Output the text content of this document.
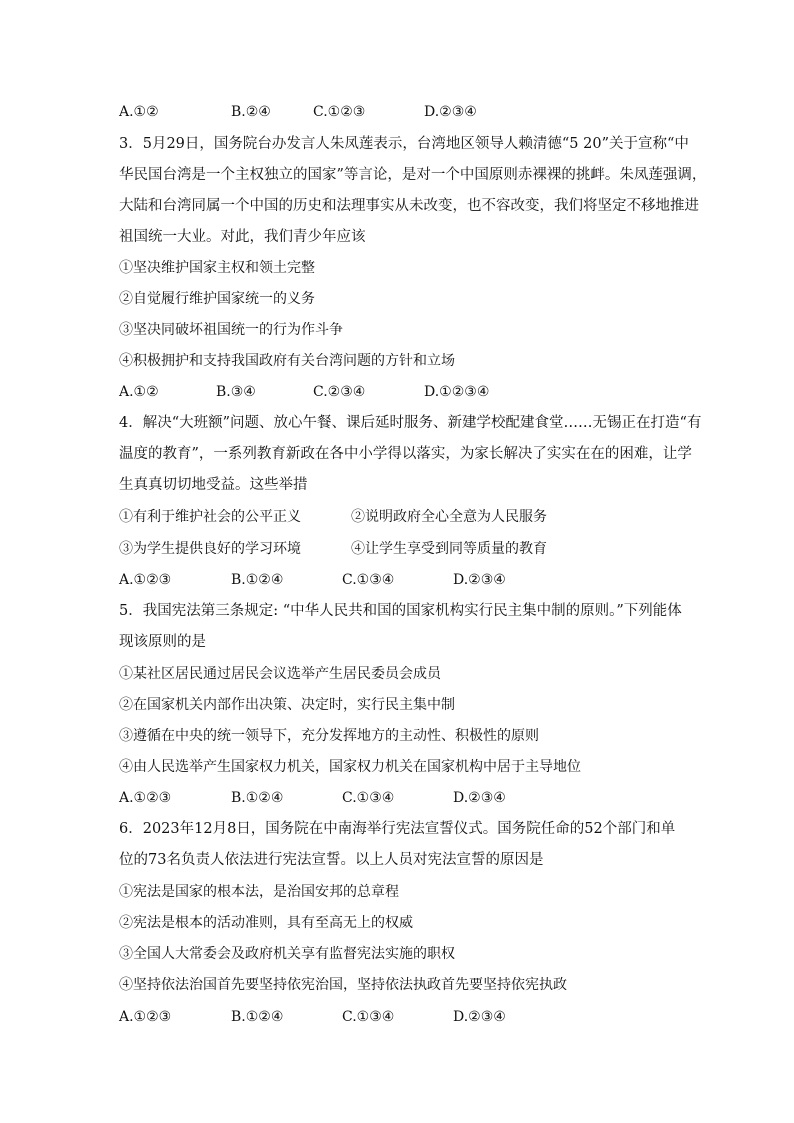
A.①②	B.②④	C.①②③	D.②③④
3．5月29日，国务院台办发言人朱凤莲表示，台湾地区领导人赖清德“5 20”关于宣称“中
华民国台湾是一个主权独立的国家”等言论，是对一个中国原则赤裸裸的挑衅。朱凤莲强调，
大陆和台湾同属一个中国的历史和法理事实从未改变，也不容改变，我们将坚定不移地推进
祖国统一大业。对此，我们青少年应该
①坚决维护国家主权和领土完整
②自觉履行维护国家统一的义务
③坚决同破坏祖国统一的行为作斗争
④积极拥护和支持我国政府有关台湾问题的方针和立场
A.①②	B.③④	C.②③④	D.①②③④
4．解决“大班额”问题、放心午餐、课后延时服务、新建学校配建食堂……无锡正在打造“有
温度的教育”，一系列教育新政在各中小学得以落实，为家长解决了实实在在的困难，让学
生真真切切地受益。这些举措
①有利于维护社会的公平正义	②说明政府全心全意为人民服务
③为学生提供良好的学习环境	④让学生享受到同等质量的教育
A.①②③	B.①②④	C.①③④	D.②③④
5．我国宪法第三条规定: “中华人民共和国的国家机构实行民主集中制的原则。”下列能体
现该原则的是
①某社区居民通过居民会议选举产生居民委员会成员
②在国家机关内部作出决策、决定时，实行民主集中制
③遵循在中央的统一领导下，充分发挥地方的主动性、积极性的原则
④由人民选举产生国家权力机关，国家权力机关在国家机构中居于主导地位
A.①②③	B.①②④	C.①③④	D.②③④
6．2023年12月8日，国务院在中南海举行宪法宣誓仪式。国务院任命的52个部门和单
位的73名负责人依法进行宪法宣誓。以上人员对宪法宣誓的原因是
①宪法是国家的根本法，是治国安邦的总章程
②宪法是根本的活动准则，具有至高无上的权威
③全国人大常委会及政府机关享有监督宪法实施的职权
④坚持依法治国首先要坚持依宪治国，坚持依法执政首先要坚持依宪执政
A.①②③	B.①②④	C.①③④	D.②③④
